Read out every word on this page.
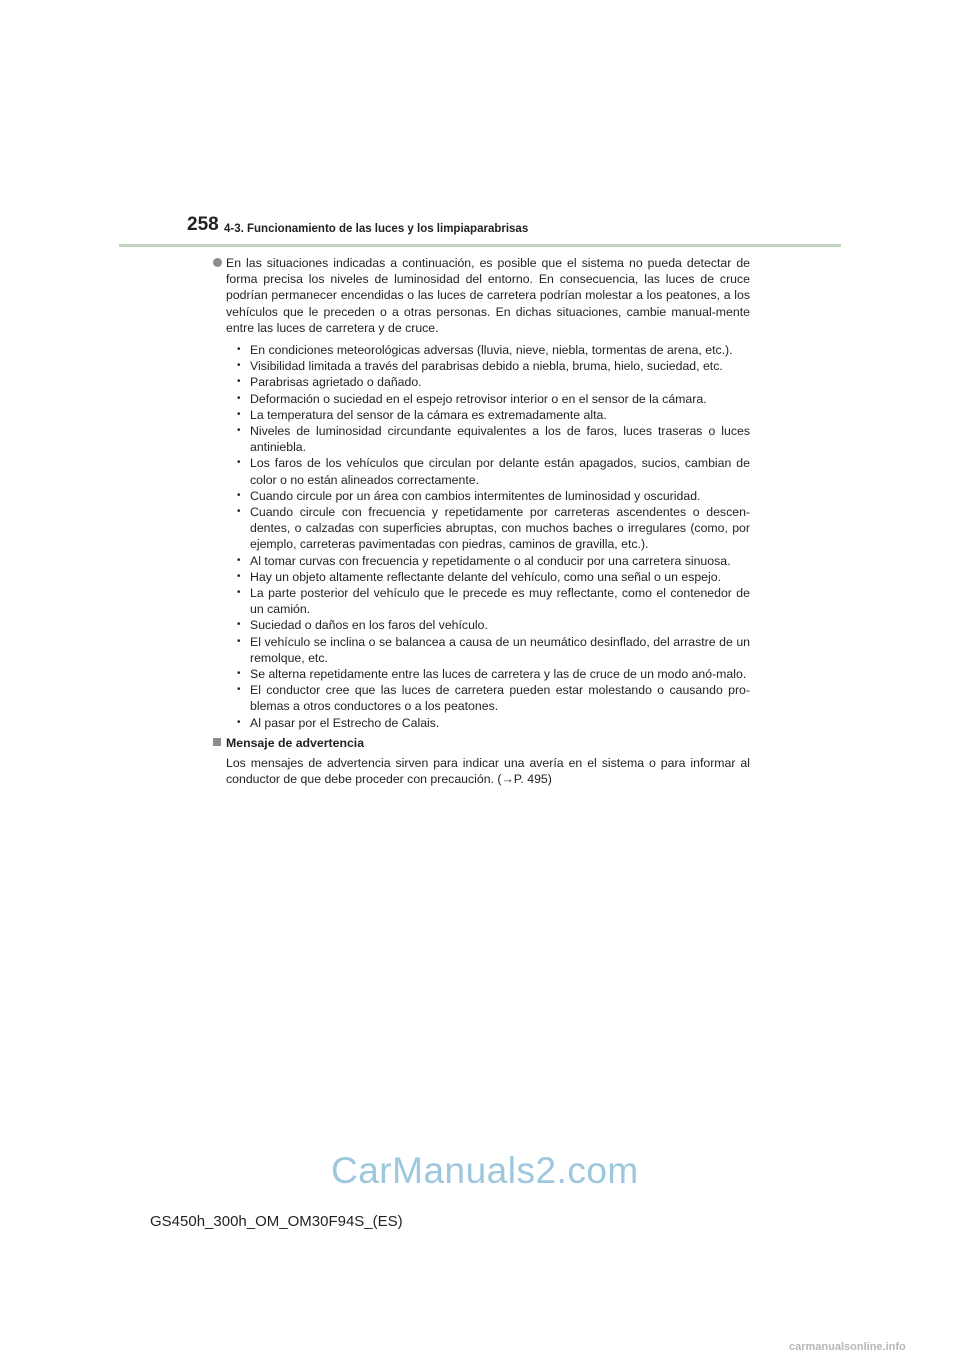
258 4-3. Funcionamiento de las luces y los limpiaparabrisas

En las situaciones indicadas a continuación, es posible que el sistema no pueda detectar de forma precisa los niveles de luminosidad del entorno. En consecuencia, las luces de cruce podrían permanecer encendidas o las luces de carretera podrían molestar a los peatones, a los vehículos que le preceden o a otras personas. En dichas situaciones, cambie manual-mente entre las luces de carretera y de cruce.

• En condiciones meteorológicas adversas (lluvia, nieve, niebla, tormentas de arena, etc.).
• Visibilidad limitada a través del parabrisas debido a niebla, bruma, hielo, suciedad, etc.
• Parabrisas agrietado o dañado.
• Deformación o suciedad en el espejo retrovisor interior o en el sensor de la cámara.
• La temperatura del sensor de la cámara es extremadamente alta.
• Niveles de luminosidad circundante equivalentes a los de faros, luces traseras o luces antiniebla.
• Los faros de los vehículos que circulan por delante están apagados, sucios, cambian de color o no están alineados correctamente.
• Cuando circule por un área con cambios intermitentes de luminosidad y oscuridad.
• Cuando circule con frecuencia y repetidamente por carreteras ascendentes o descen-dentes, o calzadas con superficies abruptas, con muchos baches o irregulares (como, por ejemplo, carreteras pavimentadas con piedras, caminos de gravilla, etc.).
• Al tomar curvas con frecuencia y repetidamente o al conducir por una carretera sinuosa.
• Hay un objeto altamente reflectante delante del vehículo, como una señal o un espejo.
• La parte posterior del vehículo que le precede es muy reflectante, como el contenedor de un camión.
• Suciedad o daños en los faros del vehículo.
• El vehículo se inclina o se balancea a causa de un neumático desinflado, del arrastre de un remolque, etc.
• Se alterna repetidamente entre las luces de carretera y las de cruce de un modo anó-malo.
• El conductor cree que las luces de carretera pueden estar molestando o causando pro-blemas a otros conductores o a los peatones.
• Al pasar por el Estrecho de Calais.
Mensaje de advertencia
Los mensajes de advertencia sirven para indicar una avería en el sistema o para informar al conductor de que debe proceder con precaución. (→P. 495)
CarManuals2.com
GS450h_300h_OM_OM30F94S_(ES)
carmanualsonline.info
